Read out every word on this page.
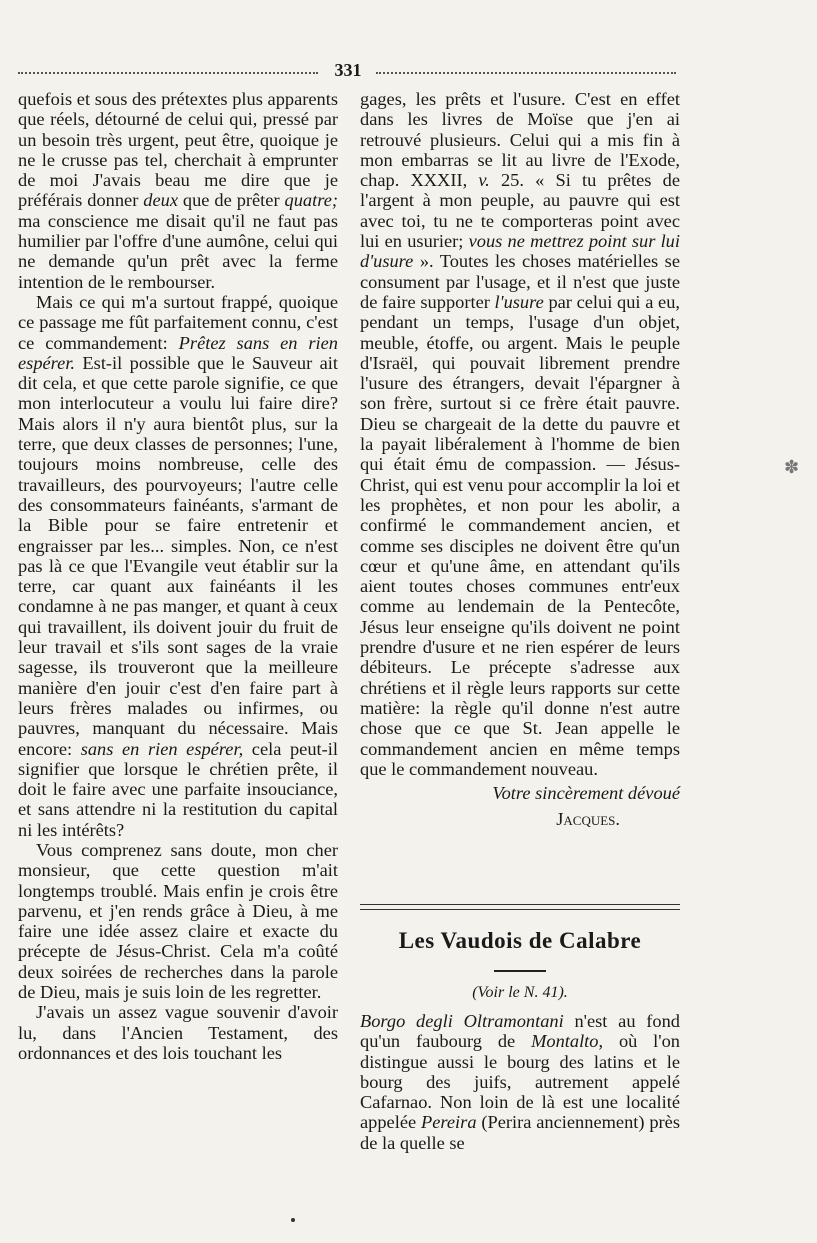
331

quefois et sous des prétextes plus apparents que réels, détourné de celui qui, pressé par un besoin très urgent, peut être, quoique je ne le crusse pas tel, cherchait à emprunter de moi J'avais beau me dire que je préférais donner deux que de prêter quatre; ma conscience me disait qu'il ne faut pas humilier par l'offre d'une aumône, celui qui ne demande qu'un prêt avec la ferme intention de le rembourser.

Mais ce qui m'a surtout frappé, quoique ce passage me fût parfaitement connu, c'est ce commandement: Prêtez sans en rien espérer. Est-il possible que le Sauveur ait dit cela, et que cette parole signifie, ce que mon interlocuteur a voulu lui faire dire? Mais alors il n'y aura bientôt plus, sur la terre, que deux classes de personnes; l'une, toujours moins nombreuse, celle des travailleurs, des pourvoyeurs; l'autre celle des consommateurs fainéants, s'armant de la Bible pour se faire entretenir et engraisser par les... simples. Non, ce n'est pas là ce que l'Evangile veut établir sur la terre, car quant aux fainéants il les condamne à ne pas manger, et quant à ceux qui travaillent, ils doivent jouir du fruit de leur travail et s'ils sont sages de la vraie sagesse, ils trouveront que la meilleure manière d'en jouir c'est d'en faire part à leurs frères malades ou infirmes, ou pauvres, manquant du nécessaire. Mais encore: sans en rien espérer, cela peut-il signifier que lorsque le chrétien prête, il doit le faire avec une parfaite insouciance, et sans attendre ni la restitution du capital ni les intérêts?

Vous comprenez sans doute, mon cher monsieur, que cette question m'ait longtemps troublé. Mais enfin je crois être parvenu, et j'en rends grâce à Dieu, à me faire une idée assez claire et exacte du précepte de Jésus-Christ. Cela m'a coûté deux soirées de recherches dans la parole de Dieu, mais je suis loin de les regretter.

J'avais un assez vague souvenir d'avoir lu, dans l'Ancien Testament, des ordonnances et des lois touchant les

gages, les prêts et l'usure. C'est en effet dans les livres de Moïse que j'en ai retrouvé plusieurs. Celui qui a mis fin à mon embarras se lit au livre de l'Exode, chap. XXXII, v. 25. « Si tu prêtes de l'argent à mon peuple, au pauvre qui est avec toi, tu ne te comporteras point avec lui en usurier; vous ne mettrez point sur lui d'usure ». Toutes les choses matérielles se consument par l'usage, et il n'est que juste de faire supporter l'usure par celui qui a eu, pendant un temps, l'usage d'un objet, meuble, étoffe, ou argent. Mais le peuple d'Israël, qui pouvait librement prendre l'usure des étrangers, devait l'épargner à son frère, surtout si ce frère était pauvre. Dieu se chargeait de la dette du pauvre et la payait libéralement à l'homme de bien qui était ému de compassion. — Jésus-Christ, qui est venu pour accomplir la loi et les prophètes, et non pour les abolir, a confirmé le commandement ancien, et comme ses disciples ne doivent être qu'un cœur et qu'une âme, en attendant qu'ils aient toutes choses communes entr'eux comme au lendemain de la Pentecôte, Jésus leur enseigne qu'ils doivent ne point prendre d'usure et ne rien espérer de leurs débiteurs. Le précepte s'adresse aux chrétiens et il règle leurs rapports sur cette matière: la règle qu'il donne n'est autre chose que ce que St. Jean appelle le commandement ancien en même temps que le commandement nouveau.

Votre sincèrement dévoué
Jacques.
Les Vaudois de Calabre
(Voir le N. 41).

Borgo degli Oltramontani n'est au fond qu'un faubourg de Montalto, où l'on distingue aussi le bourg des latins et le bourg des juifs, autrement appelé Cafarnao. Non loin de là est une localité appelée Pereira (Perira anciennement) près de la quelle se

✽
